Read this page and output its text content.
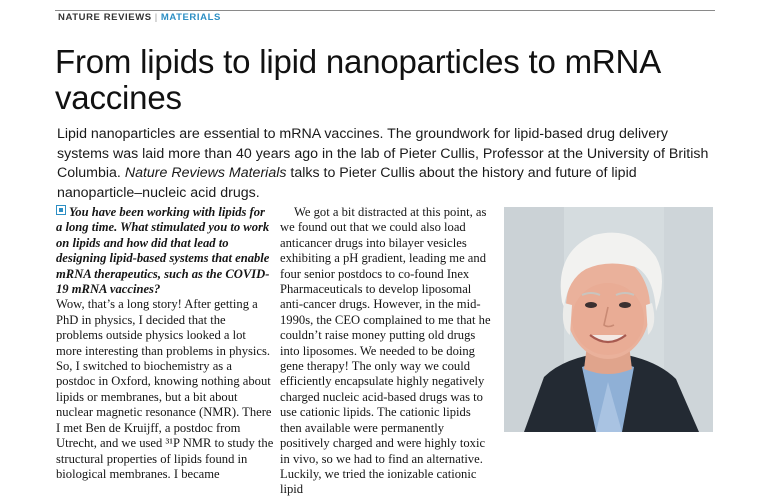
NATURE REVIEWS | MATERIALS
From lipids to lipid nanoparticles to mRNA vaccines

Lipid nanoparticles are essential to mRNA vaccines. The groundwork for lipid-based drug delivery systems was laid more than 40 years ago in the lab of Pieter Cullis, Professor at the University of British Columbia. Nature Reviews Materials talks to Pieter Cullis about the history and future of lipid nanoparticle–nucleic acid drugs.

You have been working with lipids for a long time. What stimulated you to work on lipids and how did that lead to designing lipid-based systems that enable mRNA therapeutics, such as the COVID-19 mRNA vaccines?

Wow, that’s a long story! After getting a PhD in physics, I decided that the problems outside physics looked a lot more interesting than problems in physics. So, I switched to biochemistry as a postdoc in Oxford, knowing nothing about lipids or membranes, but a bit about nuclear magnetic resonance (NMR). There I met Ben de Kruijff, a postdoc from Utrecht, and we used ³¹P NMR to study the structural properties of lipids found in biological membranes. I became

We got a bit distracted at this point, as we found out that we could also load anticancer drugs into bilayer vesicles exhibiting a pH gradient, leading me and four senior postdocs to co-found Inex Pharmaceuticals to develop liposomal anti-cancer drugs. However, in the mid-1990s, the CEO complained to me that he couldn’t raise money putting old drugs into liposomes. We needed to be doing gene therapy! The only way we could efficiently encapsulate highly negatively charged nucleic acid-based drugs was to use cationic lipids. The cationic lipids then available were permanently positively charged and were highly toxic in vivo, so we had to find an alternative. Luckily, we tried the ionizable cationic lipid
